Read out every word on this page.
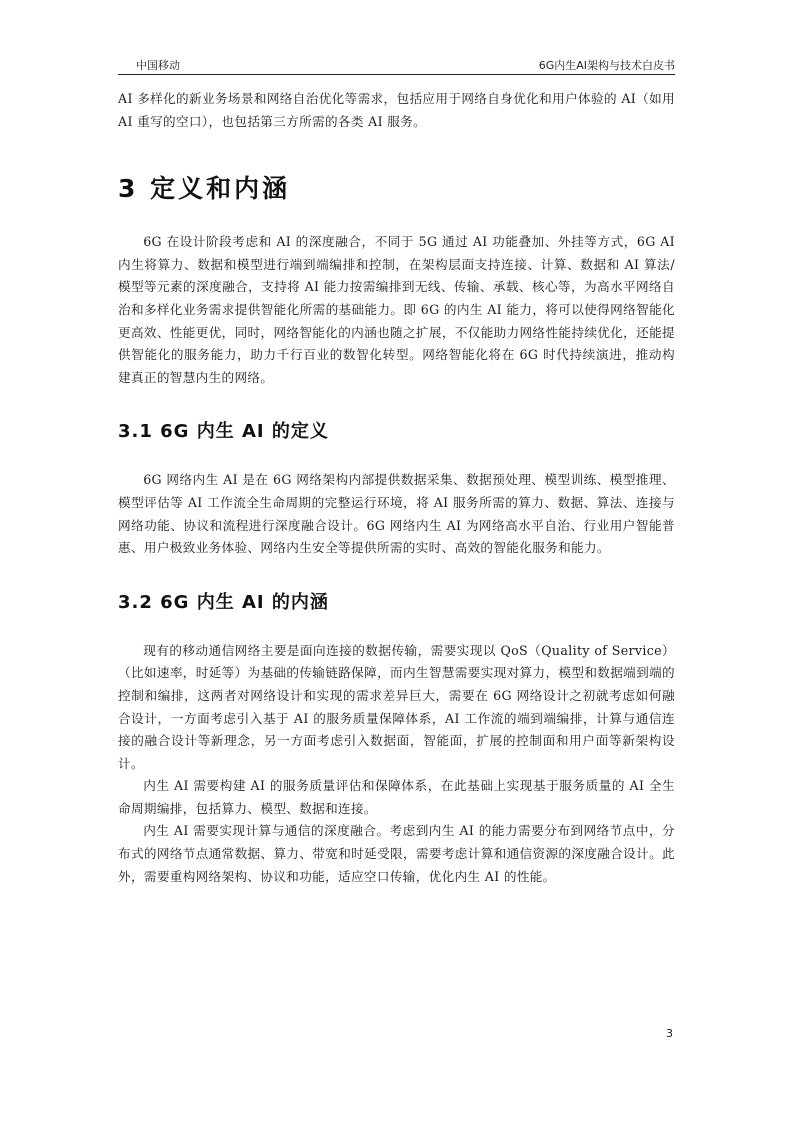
中国移动	6G内生AI架构与技术白皮书

AI 多样化的新业务场景和网络自治优化等需求，包括应用于网络自身优化和用户体验的 AI（如用 AI 重写的空口），也包括第三方所需的各类 AI 服务。

3 定义和内涵

6G 在设计阶段考虑和 AI 的深度融合，不同于 5G 通过 AI 功能叠加、外挂等方式，6G AI 内生将算力、数据和模型进行端到端编排和控制，在架构层面支持连接、计算、数据和 AI 算法/模型等元素的深度融合，支持将 AI 能力按需编排到无线、传输、承载、核心等，为高水平网络自治和多样化业务需求提供智能化所需的基础能力。即 6G 的内生 AI 能力，将可以使得网络智能化更高效、性能更优，同时，网络智能化的内涵也随之扩展，不仅能助力网络性能持续优化，还能提供智能化的服务能力，助力千行百业的数智化转型。网络智能化将在 6G 时代持续演进，推动构建真正的智慧内生的网络。

3.1 6G 内生 AI 的定义

6G 网络内生 AI 是在 6G 网络架构内部提供数据采集、数据预处理、模型训练、模型推理、模型评估等 AI 工作流全生命周期的完整运行环境，将 AI 服务所需的算力、数据、算法、连接与网络功能、协议和流程进行深度融合设计。6G 网络内生 AI 为网络高水平自治、行业用户智能普惠、用户极致业务体验、网络内生安全等提供所需的实时、高效的智能化服务和能力。

3.2 6G 内生 AI 的内涵

现有的移动通信网络主要是面向连接的数据传输，需要实现以 QoS（Quality of Service）（比如速率，时延等）为基础的传输链路保障，而内生智慧需要实现对算力，模型和数据端到端的控制和编排，这两者对网络设计和实现的需求差异巨大，需要在 6G 网络设计之初就考虑如何融合设计，一方面考虑引入基于 AI 的服务质量保障体系，AI 工作流的端到端编排，计算与通信连接的融合设计等新理念，另一方面考虑引入数据面，智能面，扩展的控制面和用户面等新架构设计。

内生 AI 需要构建 AI 的服务质量评估和保障体系，在此基础上实现基于服务质量的 AI 全生命周期编排，包括算力、模型、数据和连接。

内生 AI 需要实现计算与通信的深度融合。考虑到内生 AI 的能力需要分布到网络节点中，分布式的网络节点通常数据、算力、带宽和时延受限，需要考虑计算和通信资源的深度融合设计。此外，需要重构网络架构、协议和功能，适应空口传输，优化内生 AI 的性能。

3
